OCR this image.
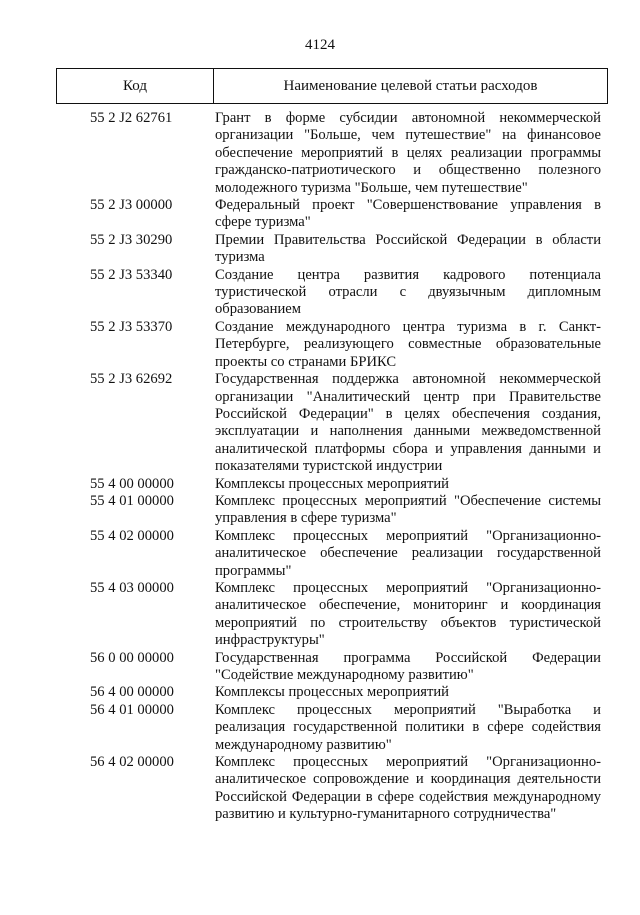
4124
Код	Наименование целевой статьи расходов
55 2 J2 62761	Грант в форме субсидии автономной некоммерческой организации "Больше, чем путешествие" на финансовое обеспечение мероприятий в целях реализации программы гражданско-патриотического и общественно полезного молодежного туризма "Больше, чем путешествие"
55 2 J3 00000	Федеральный проект "Совершенствование управления в сфере туризма"
55 2 J3 30290	Премии Правительства Российской Федерации в области туризма
55 2 J3 53340	Создание центра развития кадрового потенциала туристической отрасли с двуязычным дипломным образованием
55 2 J3 53370	Создание международного центра туризма в г. Санкт-Петербурге, реализующего совместные образовательные проекты со странами БРИКС
55 2 J3 62692	Государственная поддержка автономной некоммерческой организации "Аналитический центр при Правительстве Российской Федерации" в целях обеспечения создания, эксплуатации и наполнения данными межведомственной аналитической платформы сбора и управления данными и показателями туристской индустрии
55 4 00 00000	Комплексы процессных мероприятий
55 4 01 00000	Комплекс процессных мероприятий "Обеспечение системы управления в сфере туризма"
55 4 02 00000	Комплекс процессных мероприятий "Организационно-аналитическое обеспечение реализации государственной программы"
55 4 03 00000	Комплекс процессных мероприятий "Организационно-аналитическое обеспечение, мониторинг и координация мероприятий по строительству объектов туристической инфраструктуры"
56 0 00 00000	Государственная программа Российской Федерации "Содействие международному развитию"
56 4 00 00000	Комплексы процессных мероприятий
56 4 01 00000	Комплекс процессных мероприятий "Выработка и реализация государственной политики в сфере содействия международному развитию"
56 4 02 00000	Комплекс процессных мероприятий "Организационно-аналитическое сопровождение и координация деятельности Российской Федерации в сфере содействия международному развитию и культурно-гуманитарного сотрудничества"
